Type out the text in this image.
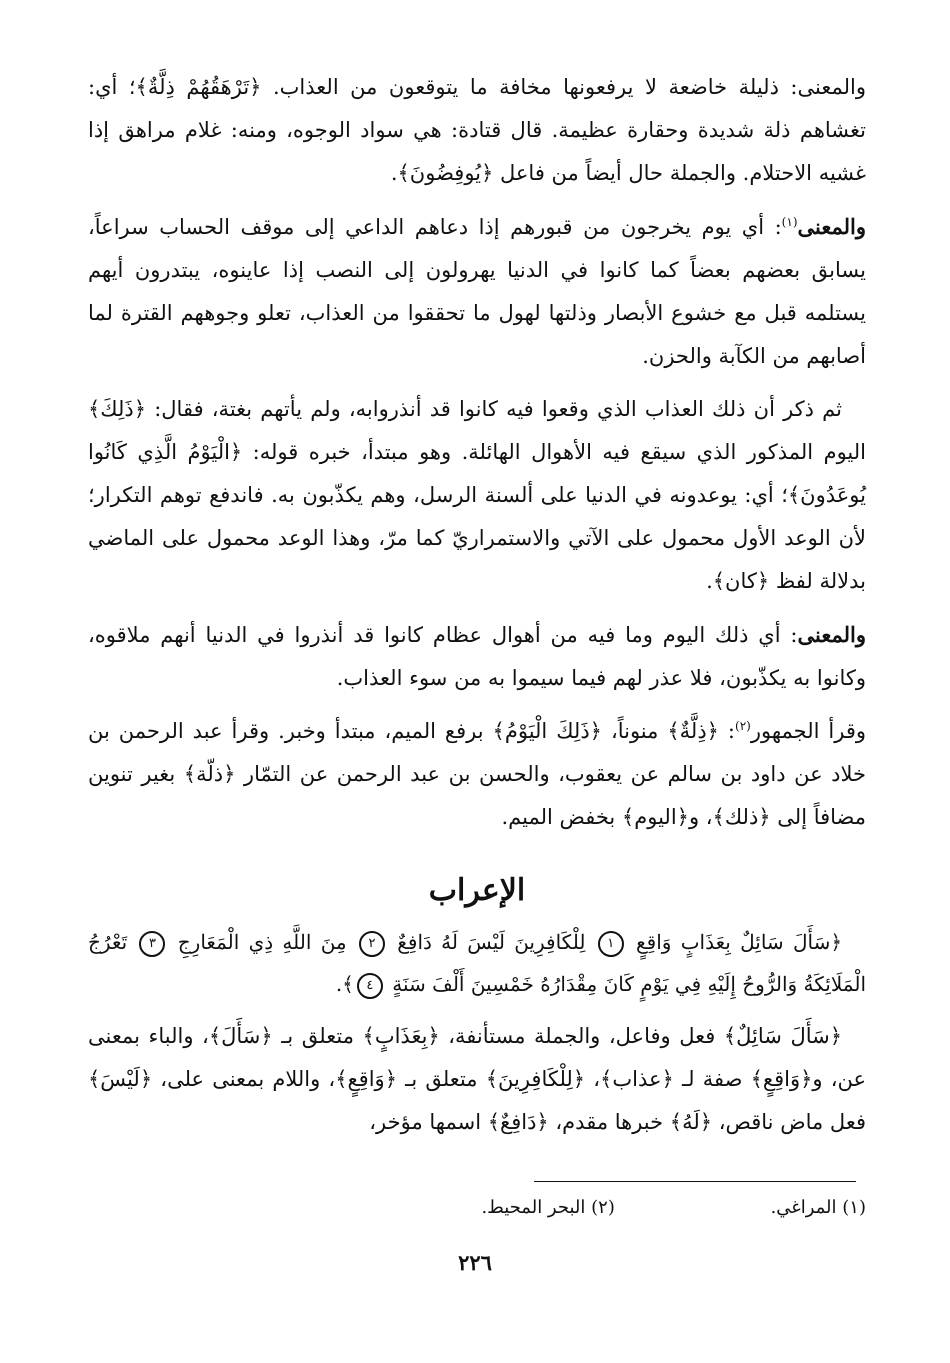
والمعنى: ذليلة خاضعة لا يرفعونها مخافة ما يتوقعون من العذاب. ﴿تَرْهَقُهُمْ ذِلَّةٌ﴾؛ أي: تغشاهم ذلة شديدة وحقارة عظيمة. قال قتادة: هي سواد الوجوه، ومنه: غلام مراهق إذا غشيه الاحتلام. والجملة حال أيضاً من فاعل ﴿يُوفِضُونَ﴾.

والمعنى$^{(١)}$: أي يوم يخرجون من قبورهم إذا دعاهم الداعي إلى موقف الحساب سراعاً، يسابق بعضهم بعضاً كما كانوا في الدنيا يهرولون إلى النصب إذا عاينوه، يبتدرون أيهم يستلمه قبل مع خشوع الأبصار وذلتها لهول ما تحققوا من العذاب، تعلو وجوههم القترة لما أصابهم من الكآبة والحزن.

ثم ذكر أن ذلك العذاب الذي وقعوا فيه كانوا قد أنذروابه، ولم يأتهم بغتة، فقال: ﴿ذَلِكَ﴾ اليوم المذكور الذي سيقع فيه الأهوال الهائلة. وهو مبتدأ، خبره قوله: ﴿الْيَوْمُ الَّذِي كَانُوا يُوعَدُونَ﴾؛ أي: يوعدونه في الدنيا على ألسنة الرسل، وهم يكذّبون به. فاندفع توهم التكرار؛ لأن الوعد الأول محمول على الآتي والاستمراريّ كما مرّ، وهذا الوعد محمول على الماضي بدلالة لفظ ﴿كان﴾.

والمعنى: أي ذلك اليوم وما فيه من أهوال عظام كانوا قد أنذروا في الدنيا أنهم ملاقوه، وكانوا به يكذّبون، فلا عذر لهم فيما سيموا به من سوء العذاب.

وقرأ الجمهور$^{(٢)}$: ﴿ذِلَّةٌ﴾ منوناً، ﴿ذَلِكَ الْيَوْمُ﴾ برفع الميم، مبتدأ وخبر. وقرأ عبد الرحمن بن خلاد عن داود بن سالم عن يعقوب، والحسن بن عبد الرحمن عن التمّار ﴿ذلّة﴾ بغير تنوين مضافاً إلى ﴿ذلك﴾، و﴿اليوم﴾ بخفض الميم.

الإعراب

﴿سَأَلَ سَائِلٌ بِعَذَابٍ وَاقِعٍ ١ لِلْكَافِرِينَ لَيْسَ لَهُ دَافِعٌ ٢ مِنَ اللَّهِ ذِي الْمَعَارِجِ ٣ تَعْرُجُ الْمَلَائِكَةُ وَالرُّوحُ إِلَيْهِ فِي يَوْمٍ كَانَ مِقْدَارُهُ خَمْسِينَ أَلْفَ سَنَةٍ ٤﴾.

﴿سَأَلَ سَائِلٌ﴾ فعل وفاعل، والجملة مستأنفة، ﴿بِعَذَابٍ﴾ متعلق بـ ﴿سَأَلَ﴾، والباء بمعنى عن، و﴿وَاقِعٍ﴾ صفة لـ ﴿عذاب﴾، ﴿لِلْكَافِرِينَ﴾ متعلق بـ ﴿وَاقِعٍ﴾، واللام بمعنى على، ﴿لَيْسَ﴾ فعل ماض ناقص، ﴿لَهُ﴾ خبرها مقدم، ﴿دَافِعٌ﴾ اسمها مؤخر،

(١) المراغي. (٢) البحر المحيط.
٢٢٦
